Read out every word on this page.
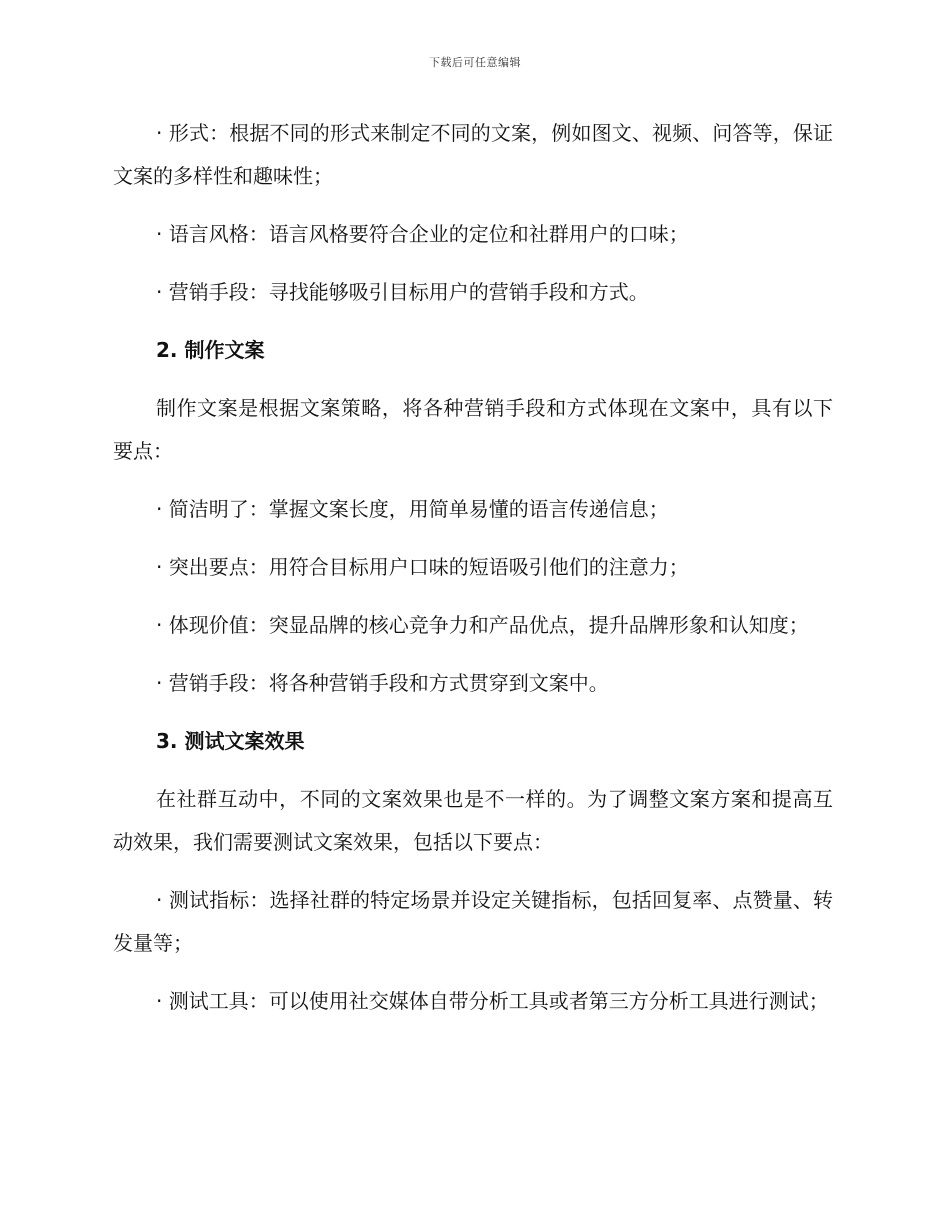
下载后可任意编辑

· 形式：根据不同的形式来制定不同的文案，例如图文、视频、问答等，保证文案的多样性和趣味性；

· 语言风格：语言风格要符合企业的定位和社群用户的口味；

· 营销手段：寻找能够吸引目标用户的营销手段和方式。

2. 制作文案

制作文案是根据文案策略，将各种营销手段和方式体现在文案中，具有以下要点：

· 简洁明了：掌握文案长度，用简单易懂的语言传递信息；

· 突出要点：用符合目标用户口味的短语吸引他们的注意力；

· 体现价值：突显品牌的核心竞争力和产品优点，提升品牌形象和认知度；

· 营销手段：将各种营销手段和方式贯穿到文案中。

3. 测试文案效果

在社群互动中，不同的文案效果也是不一样的。为了调整文案方案和提高互动效果，我们需要测试文案效果，包括以下要点：

· 测试指标：选择社群的特定场景并设定关键指标，包括回复率、点赞量、转发量等；

· 测试工具：可以使用社交媒体自带分析工具或者第三方分析工具进行测试；
